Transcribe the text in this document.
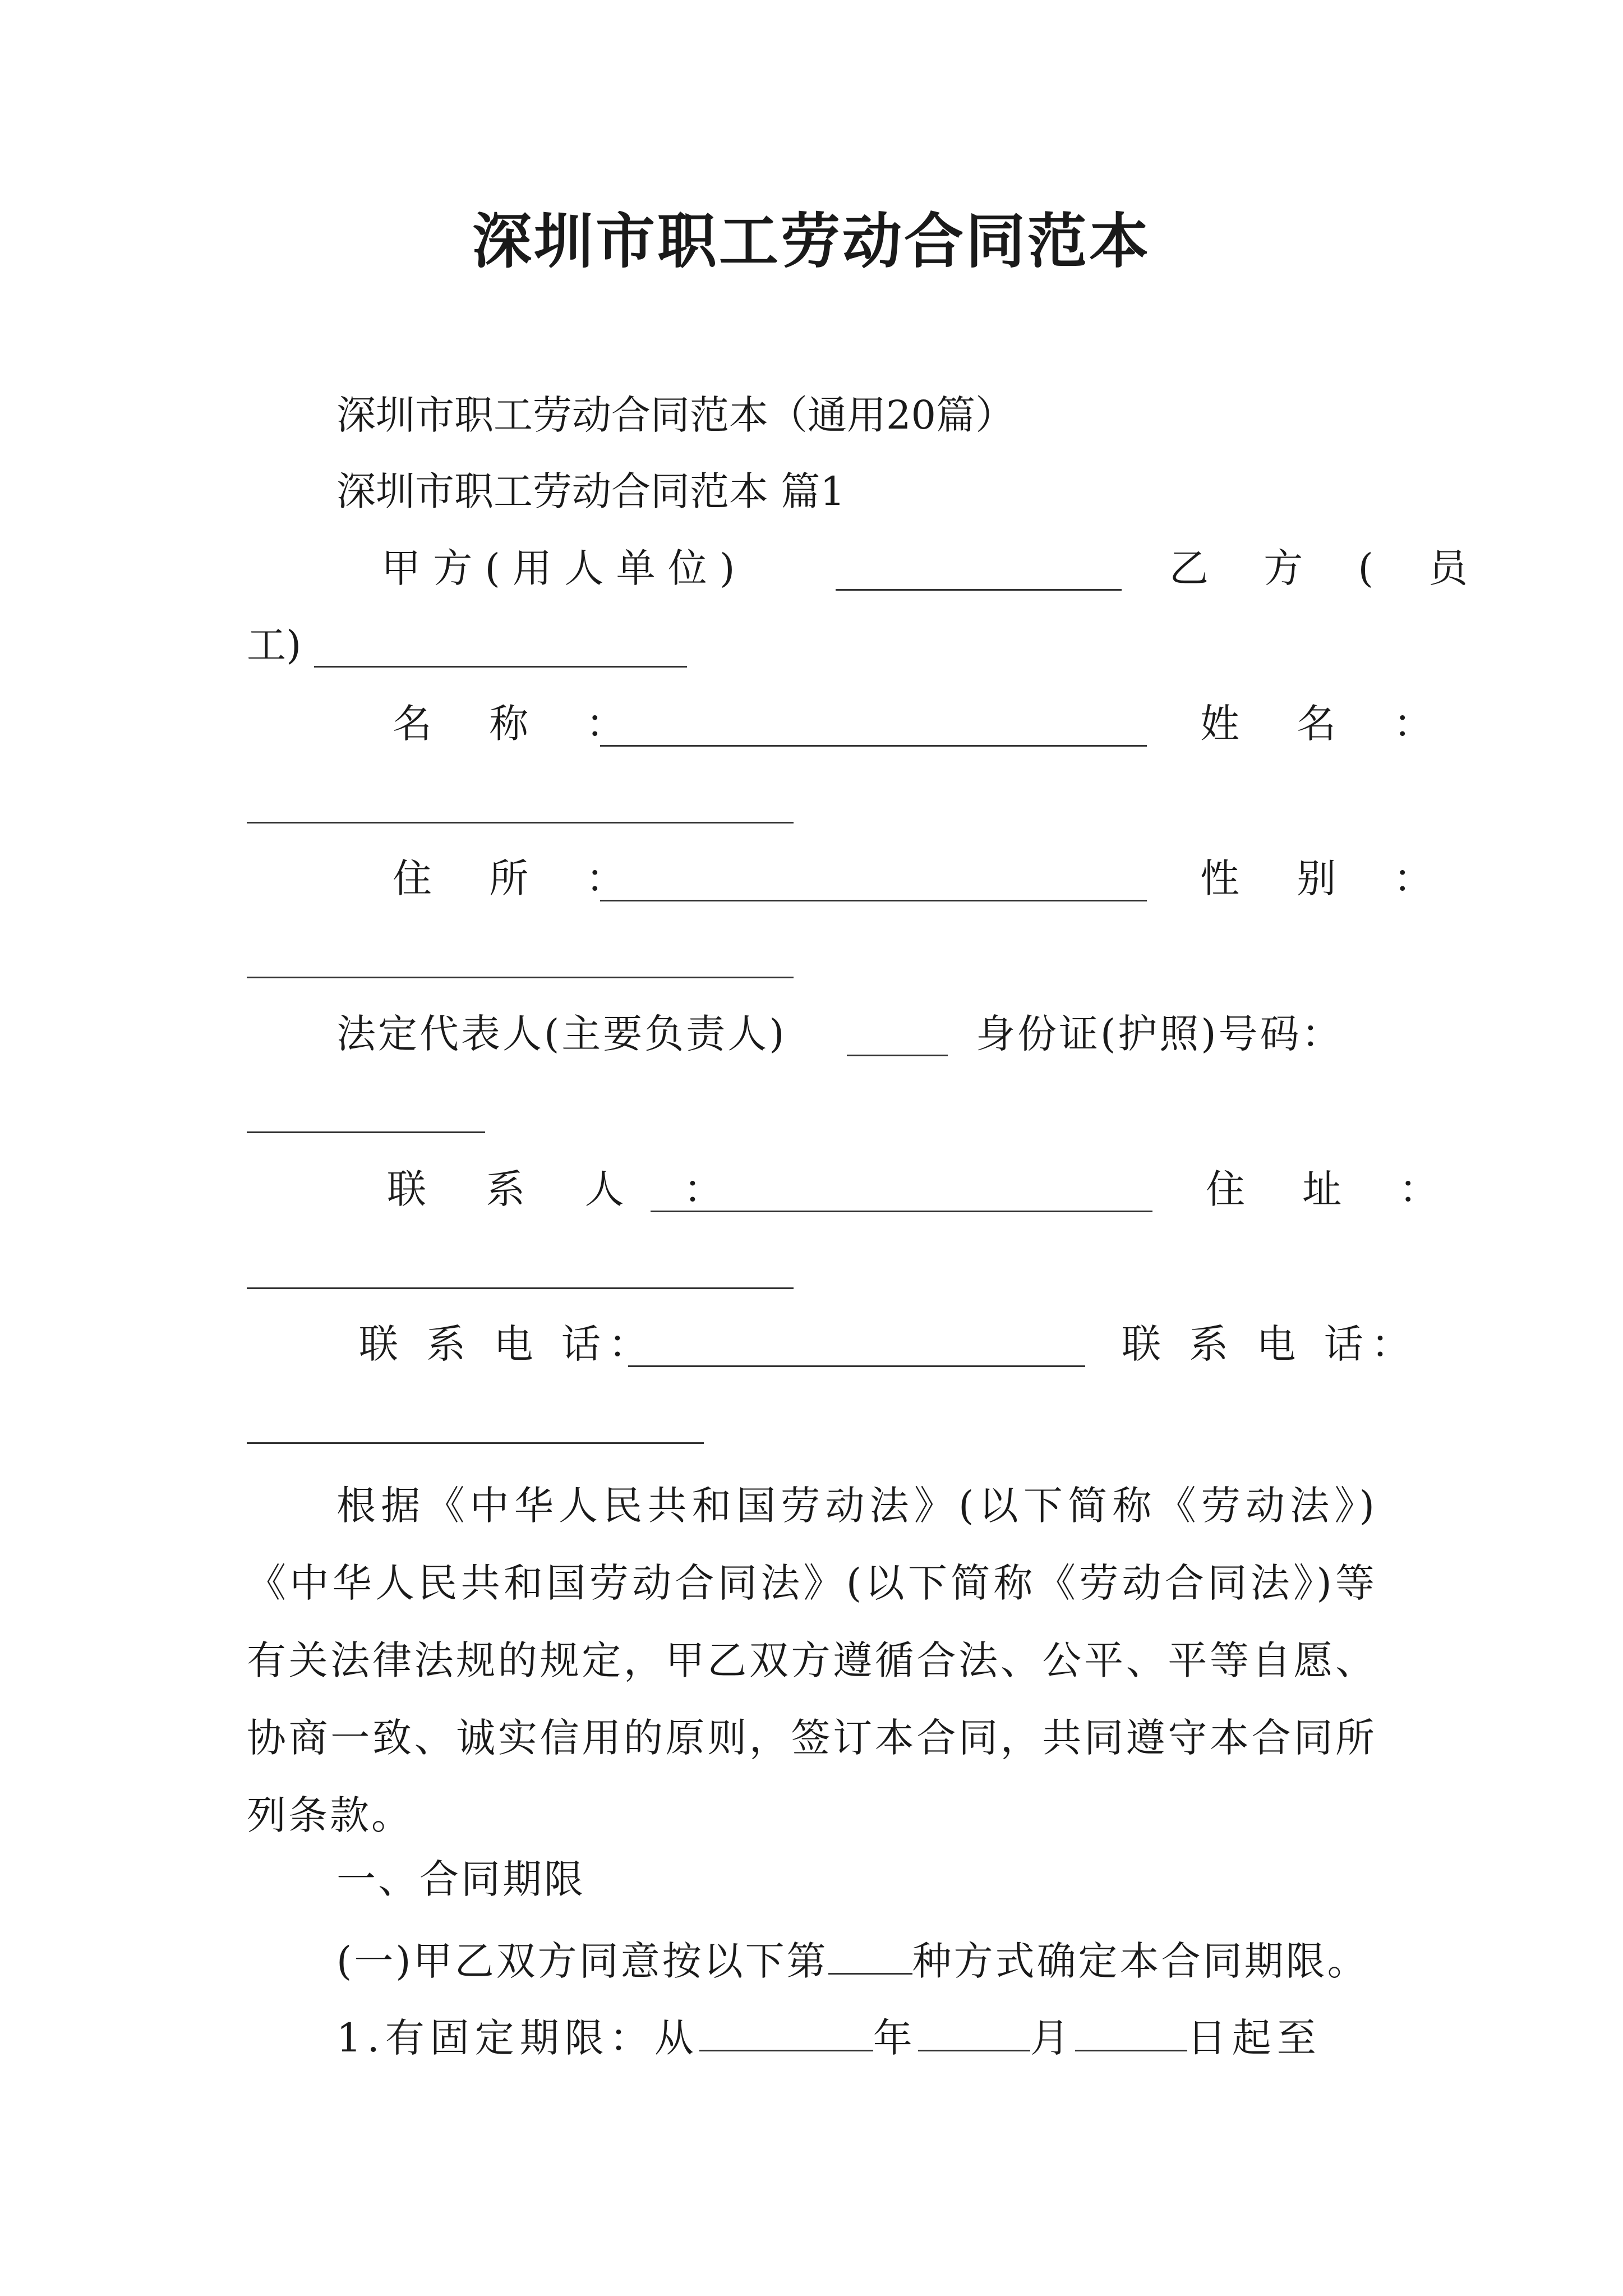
深圳市职工劳动合同范本
深圳市职工劳动合同范本（通用20篇）
深圳市职工劳动合同范本 篇1
甲 方 ( 用 人 单 位 )	乙 方 ( 员
工)
名 称 ：	姓 名 ：
住 所 ：	性 别 ：
法定代表人(主要负责人)	身份证(护照)号码：
联 系 人 ：	住 址 ：
联 系 电 话：	联 系 电 话：
根据《中华人民共和国劳动法》(以下简称《劳动法》)《中华人民共和国劳动合同法》(以下简称《劳动合同法》)等有关法律法规的规定，甲乙双方遵循合法、公平、平等自愿、协商一致、诚实信用的原则，签订本合同，共同遵守本合同所列条款。
一、合同期限
(一)甲乙双方同意按以下第 种方式确定本合同期限。
1.有固定期限：从	年	月	日起至
